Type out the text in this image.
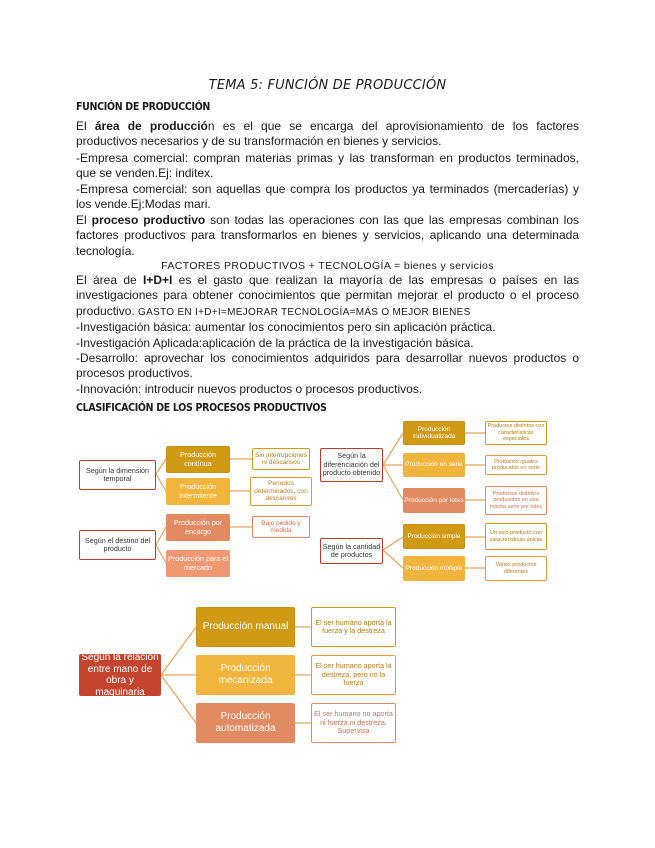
TEMA 5: FUNCIÓN DE PRODUCCIÓN
FUNCIÓN DE PRODUCCIÓN

El área de producción es el que se encarga del aprovisionamiento de los factores productivos necesarios y de su transformación en bienes y servicios.

-Empresa comercial: compran materias primas y las transforman en productos terminados, que se venden.Ej: inditex.

-Empresa comercial: son aquellas que compra los productos ya terminados (mercaderías) y los vende.Ej:Modas mari.

El proceso productivo son todas las operaciones con las que las empresas combinan los factores productivos para transformarlos en bienes y servicios, aplicando una determinada tecnología.

FACTORES PRODUCTIVOS + TECNOLOGÍA = bienes y servicios

El área de I+D+I es el gasto que realizan la mayoría de las empresas o países en las investigaciones para obtener conocimientos que permitan mejorar el producto o el proceso productivo. GASTO EN I+D+I=MEJORAR TECNOLOGÍA=MÁS O MEJOR BIENES

-Investigación básica: aumentar los conocimientos pero sin aplicación práctica.

-Investigación Aplicada:aplicación de la práctica de la investigación básica.

-Desarrollo: aprovechar los conocimientos adquiridos para desarrollar nuevos productos o procesos productivos.

-Innovación: introducir nuevos productos o procesos productivos.

CLASIFICACIÓN DE LOS PROCESOS PRODUCTIVOS
Según la dimensión temporal
Producción contínua
Sin interrupciones ni descansos
Producción intermitente
Periodos determinados, con descansos
Según el destino del producto
Producción por encargo
Bajo pedido y medida
Producción para el mercado
Según la diferenciación del producto obtenido
Producción individualizada
Productos distintos con características especiales
Producción en serie	Productos iguales producidos en serie
Producción por lotes
Productos distintos producidos en una misma serie por lotes
Según la cantidad de productos
Producción simple	Un solo producto con características únicas
Producción múltiple	Varios productos diferentes
Según la relación entre mano de obra y maquinaria
Producción manual	El ser humano aporta la fuerza y la destreza
Producción mecanizada
El ser humano aporta la destreza, pero no la fuerza
Producción automatizada
El ser humano no aporta ni fuerza ni destreza. Supervisa
